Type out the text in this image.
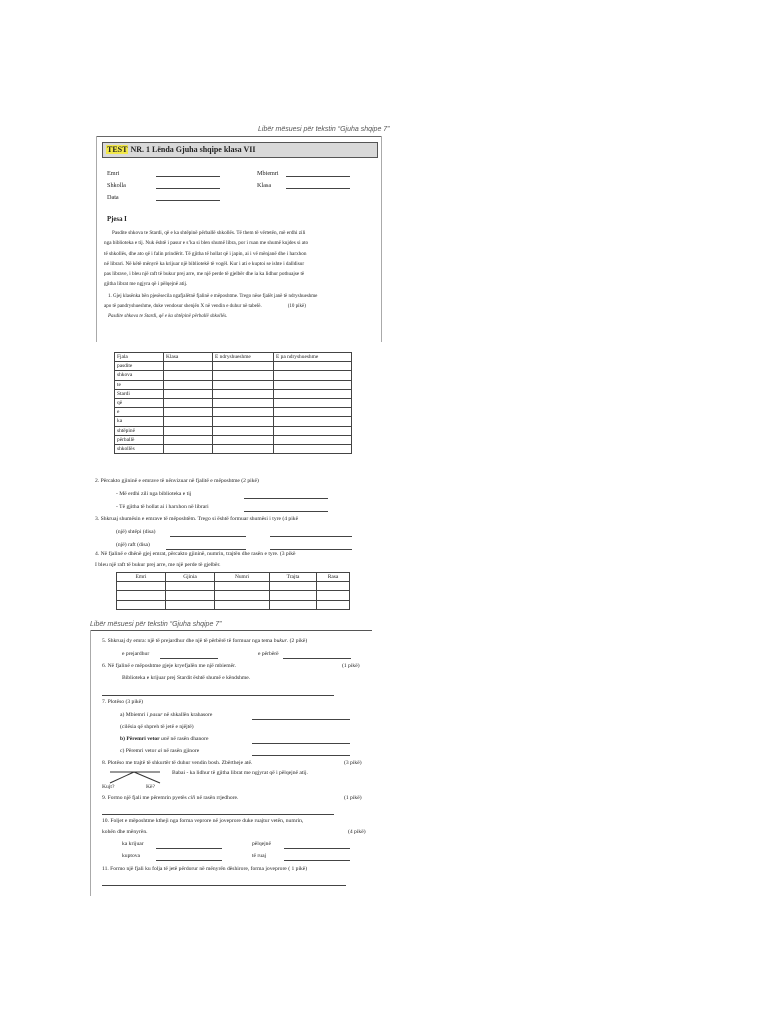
Libër mësuesi për tekstin “Gjuha shqipe 7”
TEST NR. 1 Lënda Gjuha shqipe klasa VII
Emri	Mbiemri
Shkolla	Klasa
Data
Pjesa I
Pasdite shkova te Stardi, që e ka shtëpinë përballë shkollës. Të them të vërtetën, më erdhi zili
nga biblioteka e tij. Nuk është i pasur e s’ka si blen shumë libra, por i ruan me shumë kujdes si ato
të shkollës, dhe ato që i falin prindërit. Të gjitha të hollat që i japin, ai i vë mënjanë dhe i harxhon
në librari. Në këtë mënyrë ka krijuar një bibliotekë të vogël. Kur i ati e kuptoi se ishte i dalldisur
pas librave, i bleu një raft të bukur prej arre, me një perde të gjelbër dhe ia ka lidhur pothuajse të
gjitha librat me ngjyra që i pëlqejnë atij.
1. Gjej klasënka bën pjesësecila ngafjalëtnë fjalinë e mëposhtme. Trego nëse fjalët janë të ndryshueshme
apo të pandryshueshme, duke vendosur shenjën X në vendin e duhur në tabelë.	(10 pikë)
Pasdite shkova te Stardi, që e ka shtëpinë përballë shkollës.
Fjala	Klasa	E ndryshueshme	E pa ndryshueshme
pasdite			
shkova			
te			
Stardi			
që			
e			
ka			
shtëpinë			
përballë			
shkollës			
2. Përcakto gjininë e emrave të nënvizuar në fjalitë e mëposhtme (2 pikë)
- Më erdhi zili nga biblioteka e tij
- Të gjitha të hollat ai i harxhon në librari
3. Shkruaj shumësin e emrave të mëposhtëm. Trego si është formuar shumësi i tyre (4 pikë
(një) shtëpi (disa)
(një) raft (disa)
4. Në fjalinë e dhënë gjej emrat, përcakto gjininë, numrin, trajtën dhe rasën e tyre. (3 pikë
I bleu një raft të bukur prej arre, me një perde të gjelbër.
Emri	Gjinia	Numri	Trajta	Rasa

Libër mësuesi për tekstin “Gjuha shqipe 7”
5. Shkruaj dy emra: një të prejardhur dhe një të përbërë të formuar nga tema bukur. (2 pikë)
e prejardhur	e përbërë
6. Në fjalinë e mëposhtme gjeje kryefjalën me një mbiemër.	(1 pikë)
Biblioteka e krijuar prej Stardit është shumë e këndshme.
7. Plotëso (3 pikë)
a) Mbiemri i pasur në shkallën krahasore
(cilësia që shpreh të jetë e njëjtë)
b) Përemri vetor unë në rasën dhanore
c) Përemri vetor ai në rasën gjinore
8. Plotëso me trajtë të shkurtër të duhur vendin bosh. Zbërtheje atë.	(3 pikë)
Babai - ka lidhur të gjitha librat me ngjyrat që i pëlqejnë atij.
Kujt?	Kë?
9. Formo një fjali me përemrin pyetës cili në rasën rrjedhore.	(1 pikë)
10. Foljet e mëposhtme ktheji nga forma veprore në joveprore duke ruajtur vetën, numrin,
kohën dhe mënyrën.	(4 pikë)
ka krijuar	pëlqejnë
kuptova	të ruaj
11. Formo një fjali ku folja të jetë përdorur në mënyrën dëshirore, forma joveprore ( 1 pikë)
